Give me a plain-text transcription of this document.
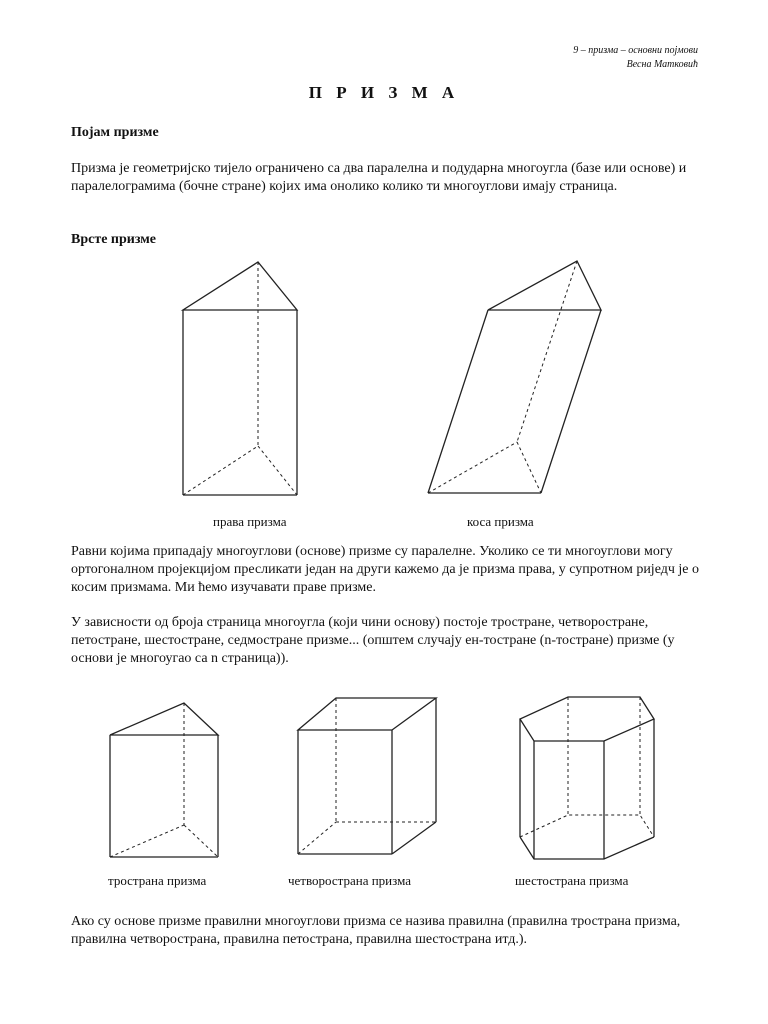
9 – призма – основни појмови
Весна Матковић
П Р И З М А
Појам призме

Призма је геометријско тијело ограничено са два паралелна и подударна многоугла (базе или основе) и паралелограмима (бочне стране) којих има онолико колико ти многоуглови имају страница.

Врсте призме
права призма	коса призма

Равни којима припадају многоуглови (основе) призме су паралелне. Уколико се ти многоуглови могу ортогоналном пројекцијом пресликати један на други кажемо да је призма права, у супротном риједч је о косим призмама. Ми ћемо изучавати праве призме.

У зависности од броја страница многоугла (који чини основу) постоје тростране, четворостране, петостране, шестостране, седмостране призме... (општем случају ен-тостране (n-тостране) призме (у основи је многоугао са n страница)).

тространа призма	четворострана призма	шестострана призма

Ако су основе призме правилни многоуглови призма се назива правилна (правилна тространа призма, правилна четворострана, правилна петострана, правилна шестострана итд.).
